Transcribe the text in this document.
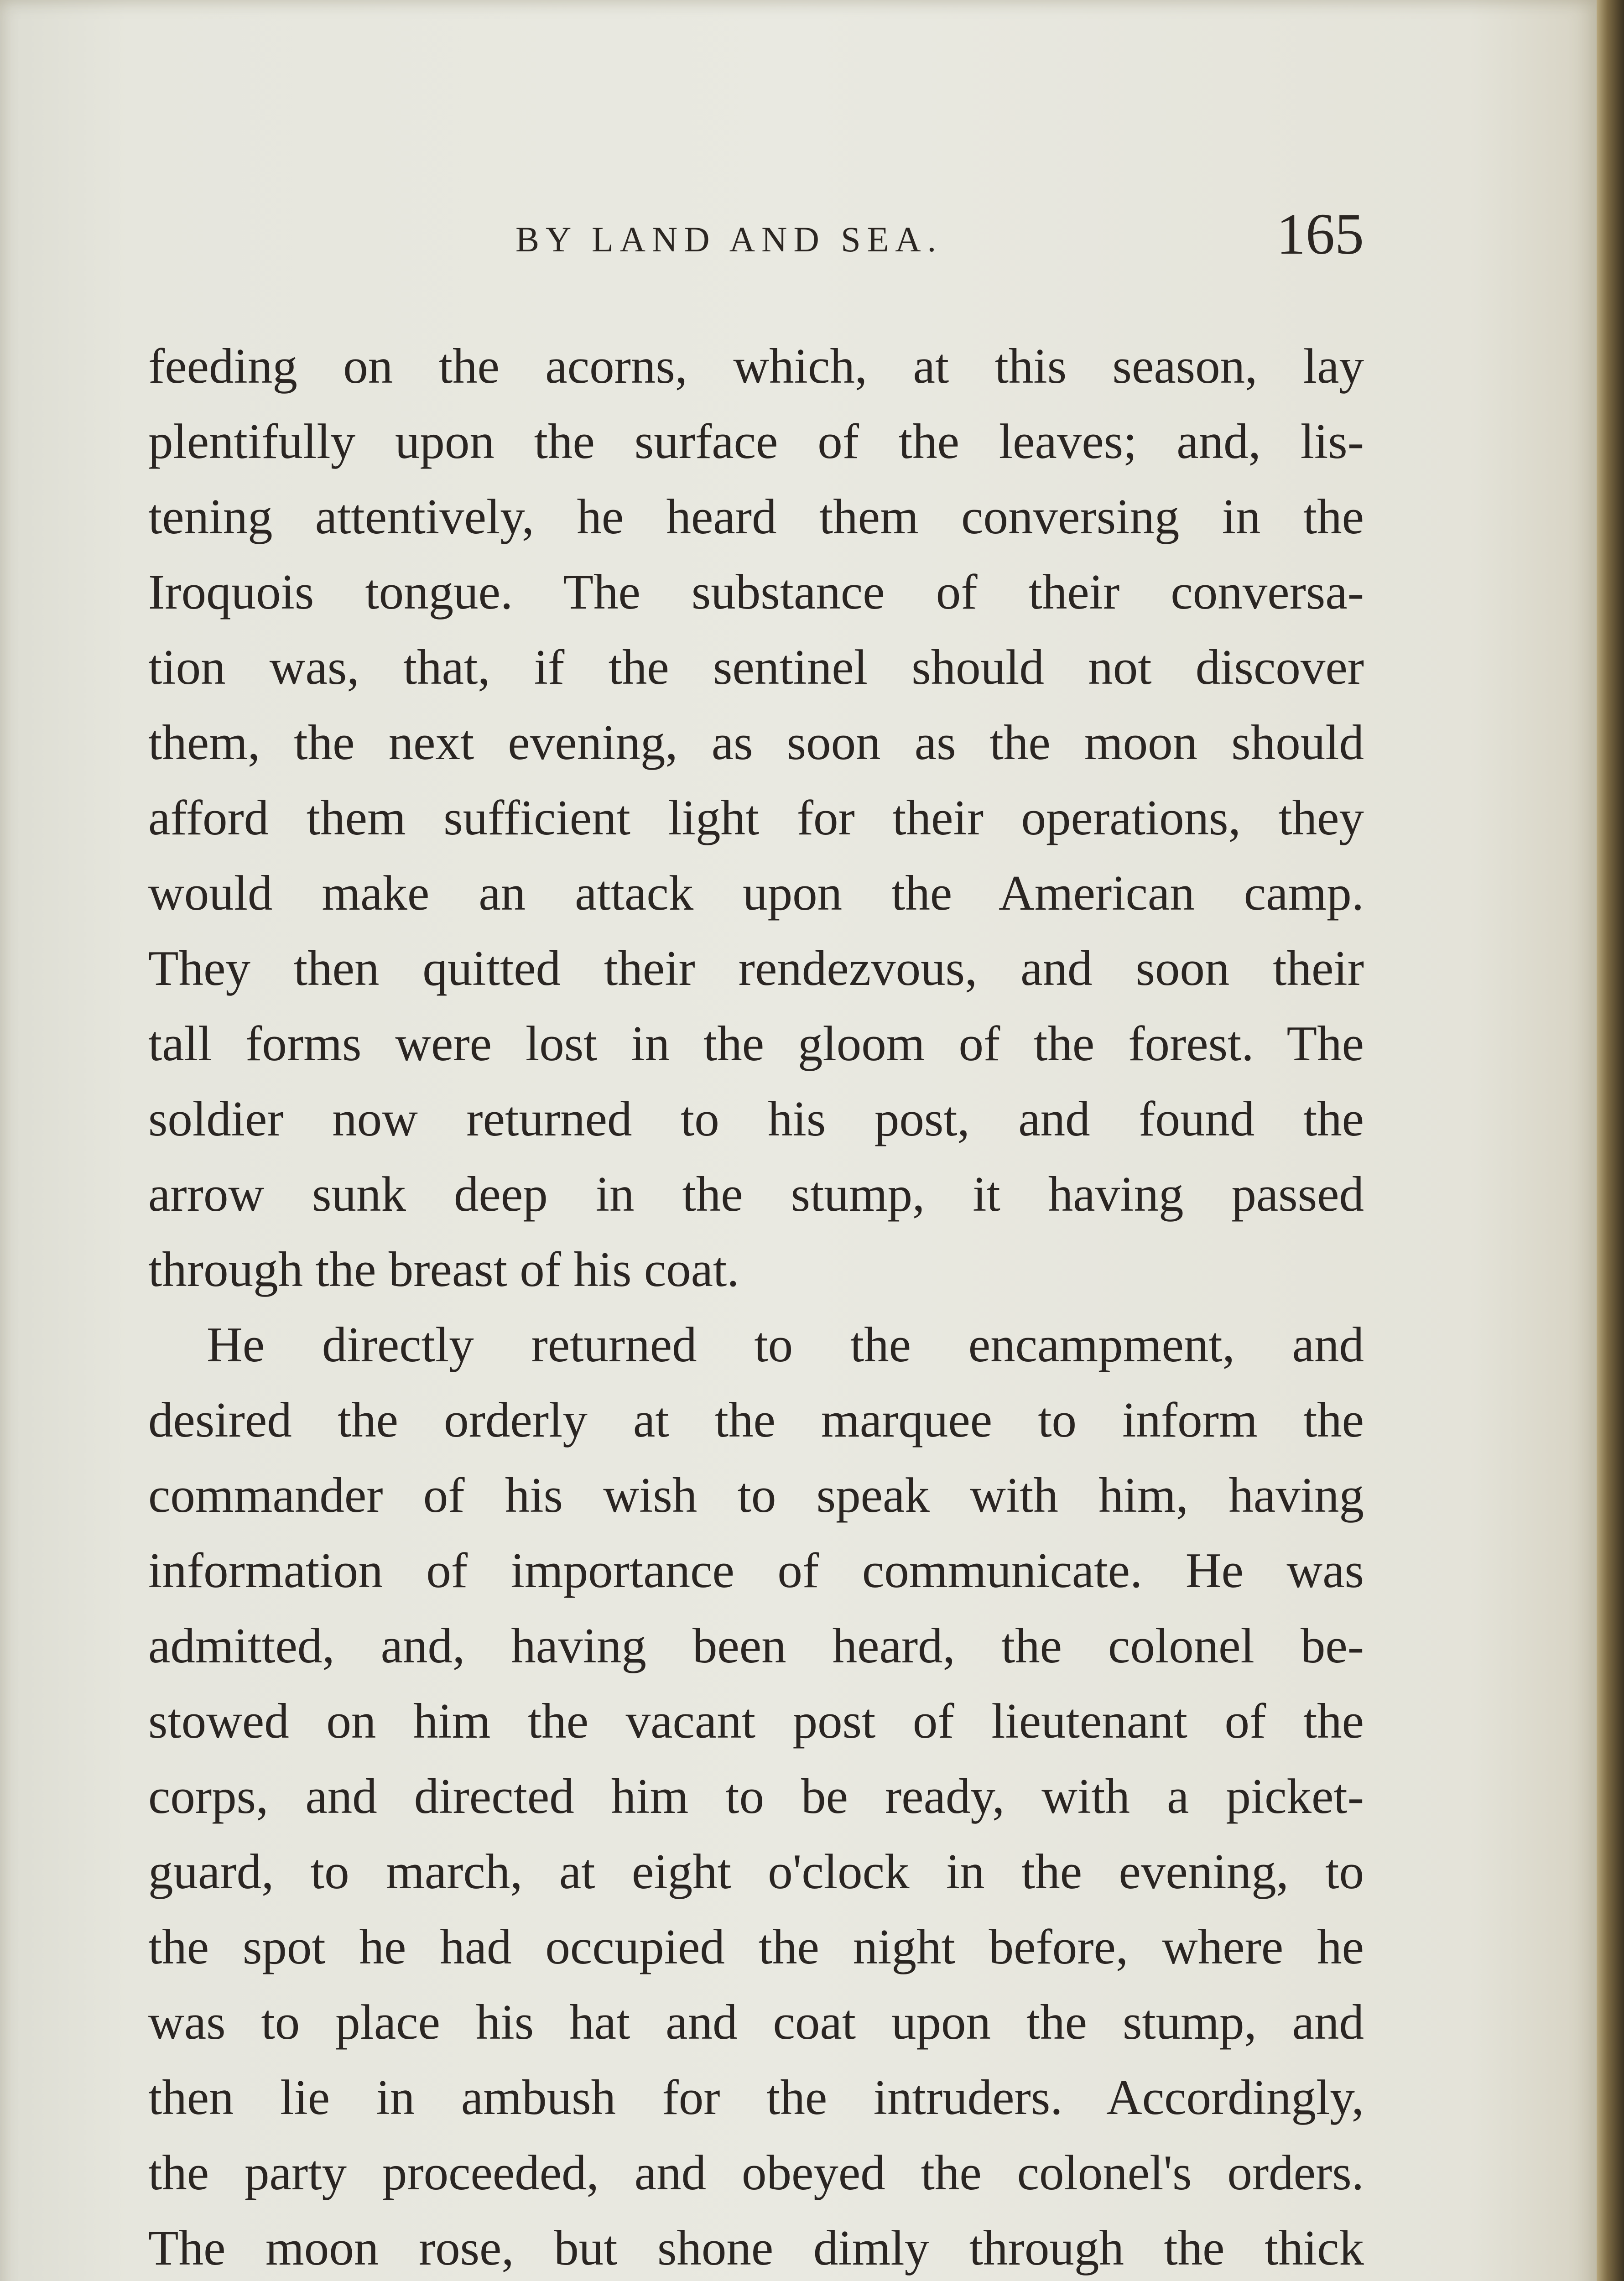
BY LAND AND SEA.	165
feeding on the acorns, which, at this season, lay
plentifully upon the surface of the leaves; and, lis-
tening attentively, he heard them conversing in the
Iroquois tongue. The substance of their conversa-
tion was, that, if the sentinel should not discover
them, the next evening, as soon as the moon should
afford them sufficient light for their operations, they
would make an attack upon the American camp.
They then quitted their rendezvous, and soon their
tall forms were lost in the gloom of the forest. The
soldier now returned to his post, and found the
arrow sunk deep in the stump, it having passed
through the breast of his coat.
He directly returned to the encampment, and
desired the orderly at the marquee to inform the
commander of his wish to speak with him, having
information of importance of communicate. He was
admitted, and, having been heard, the colonel be-
stowed on him the vacant post of lieutenant of the
corps, and directed him to be ready, with a picket-
guard, to march, at eight o'clock in the evening, to
the spot he had occupied the night before, where he
was to place his hat and coat upon the stump, and
then lie in ambush for the intruders. Accordingly,
the party proceeded, and obeyed the colonel's orders.
The moon rose, but shone dimly through the thick
